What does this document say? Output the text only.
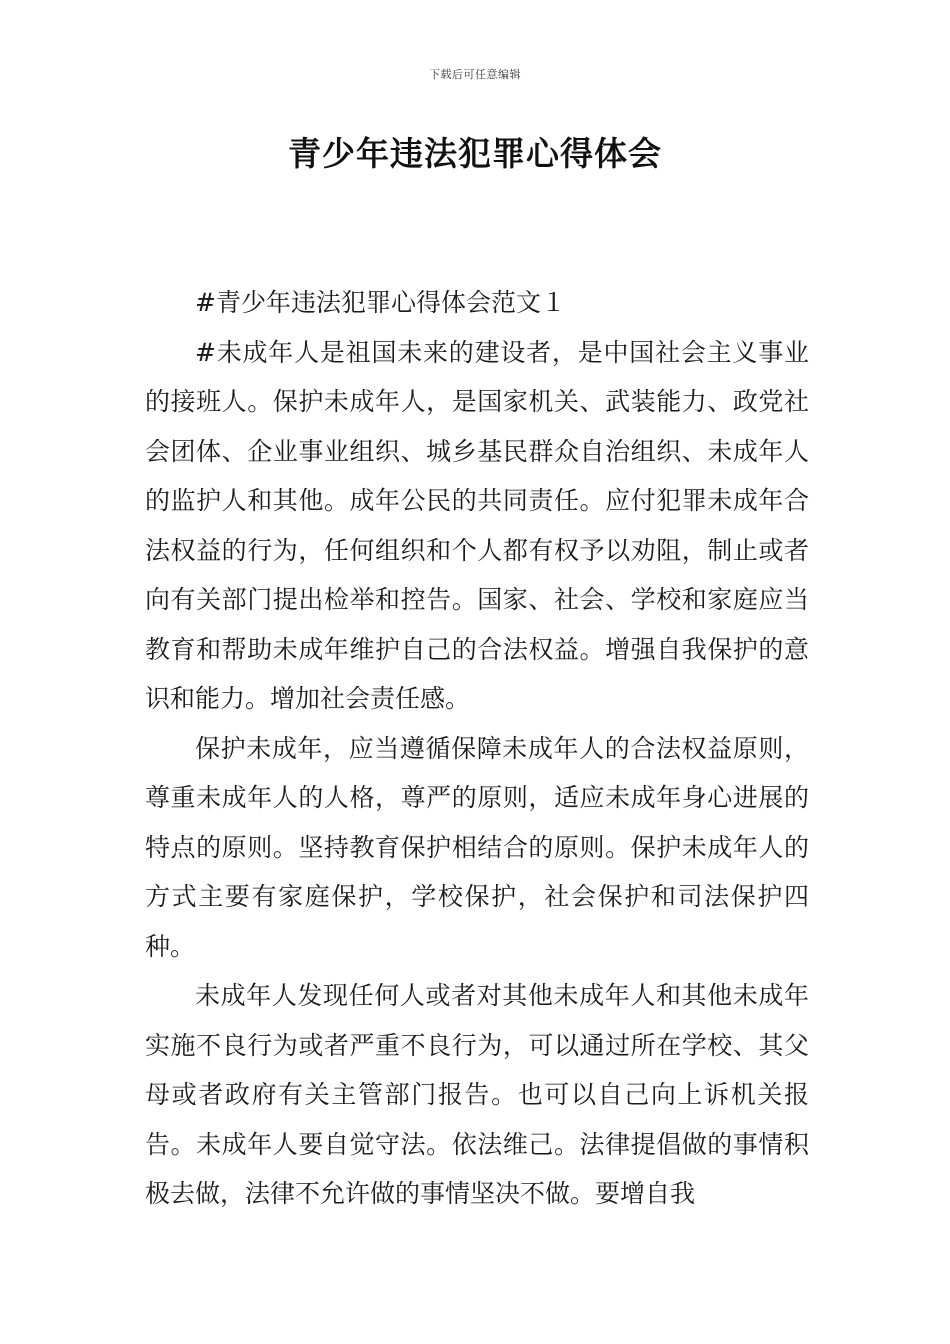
下载后可任意编辑
青少年违法犯罪心得体会

#青少年违法犯罪心得体会范文１

#未成年人是祖国未来的建设者，是中国社会主义事业的接班人。保护未成年人，是国家机关、武装能力、政党社会团体、企业事业组织、城乡基民群众自治组织、未成年人的监护人和其他。成年公民的共同责任。应付犯罪未成年合法权益的行为，任何组织和个人都有权予以劝阻，制止或者向有关部门提出检举和控告。国家、社会、学校和家庭应当教育和帮助未成年维护自己的合法权益。增强自我保护的意识和能力。增加社会责任感。

保护未成年，应当遵循保障未成年人的合法权益原则，尊重未成年人的人格，尊严的原则，适应未成年身心进展的特点的原则。坚持教育保护相结合的原则。保护未成年人的方式主要有家庭保护，学校保护，社会保护和司法保护四种。

未成年人发现任何人或者对其他未成年人和其他未成年实施不良行为或者严重不良行为，可以通过所在学校、其父母或者政府有关主管部门报告。也可以自己向上诉机关报告。未成年人要自觉守法。依法维己。法律提倡做的事情积极去做，法律不允许做的事情坚决不做。要增自我
